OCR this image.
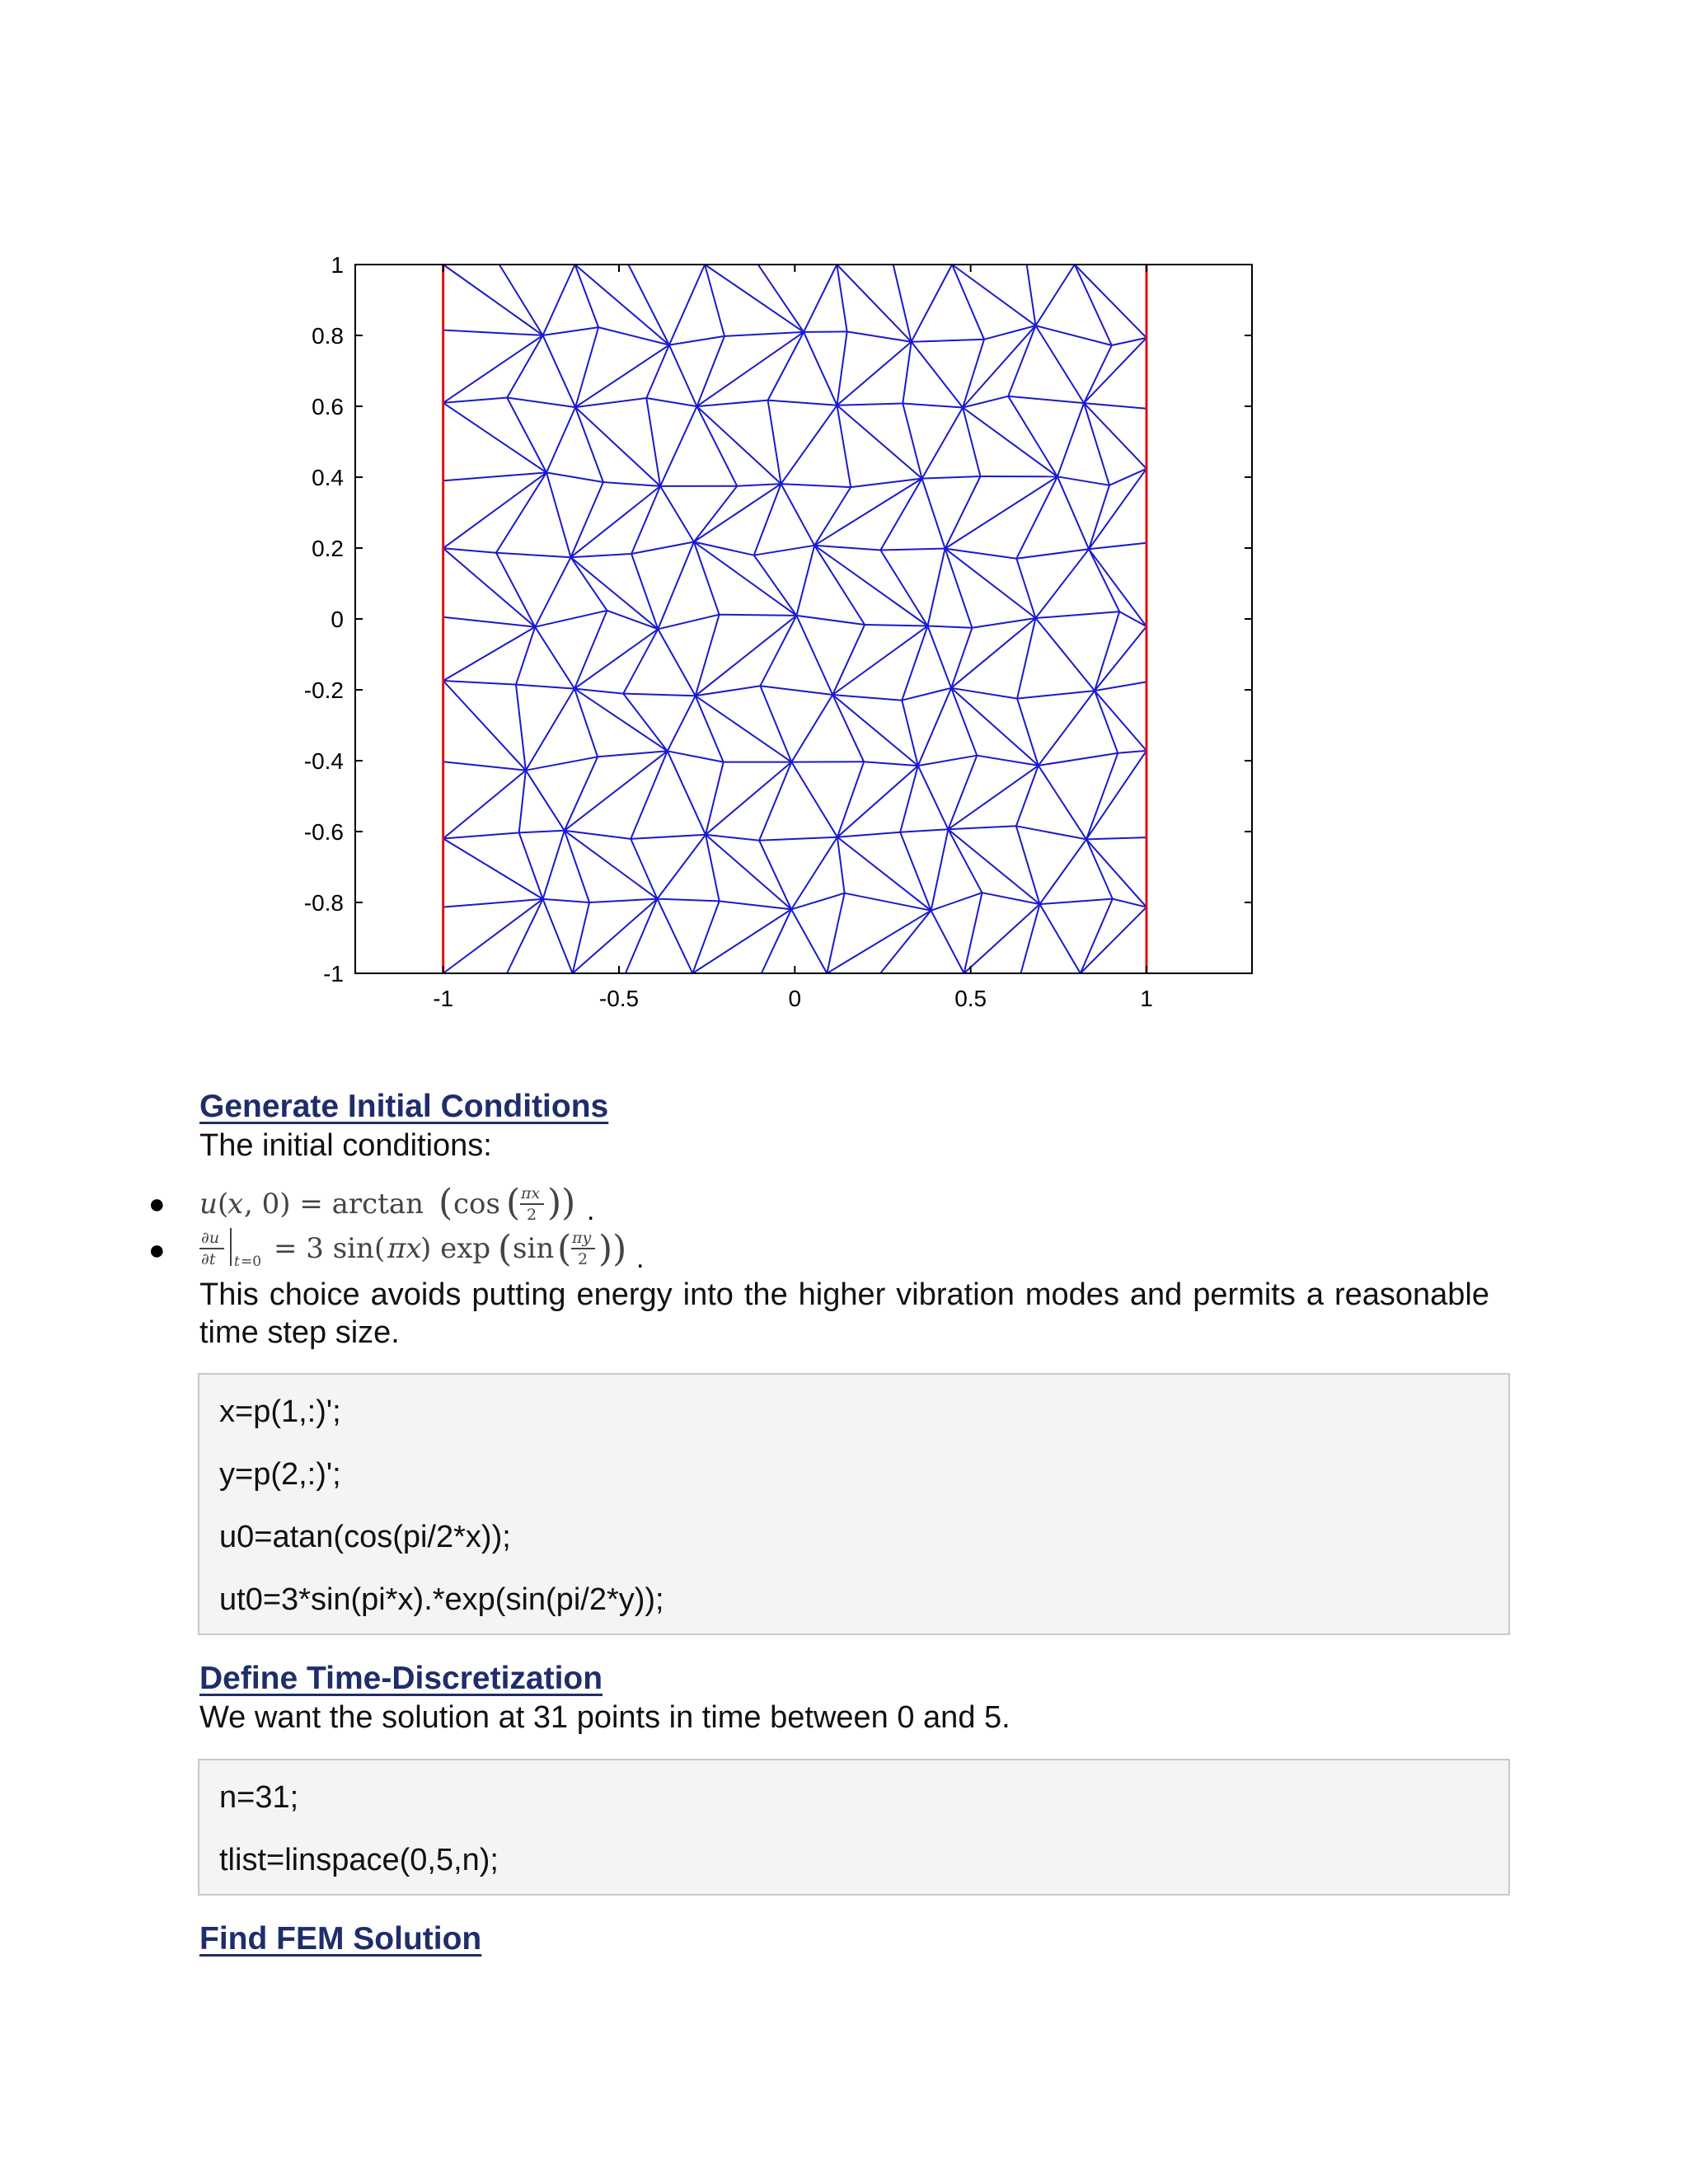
-1	-0.5	0	0.5	1
1
0.8
0.6
0.4
0.2
0
-0.2
-0.4
-0.6
-0.8
-1
Generate Initial Conditions

The initial conditions:

● u (
x , 0) = arctan ( cos ( πx
2 )) .
● ∂u
∂t t =0 = 3 sin( πx
) exp ( sin ( πy
2 )) .

This choice avoids putting energy into the higher vibration modes and permits a reasonable time step size.

x=p(1,:)';
y=p(2,:)';
u0=atan(cos(pi/2*x));
ut0=3*sin(pi*x).*exp(sin(pi/2*y));
Define Time-Discretization

We want the solution at 31 points in time between 0 and 5.

n=31;
tlist=linspace(0,5,n);
Find FEM Solution
